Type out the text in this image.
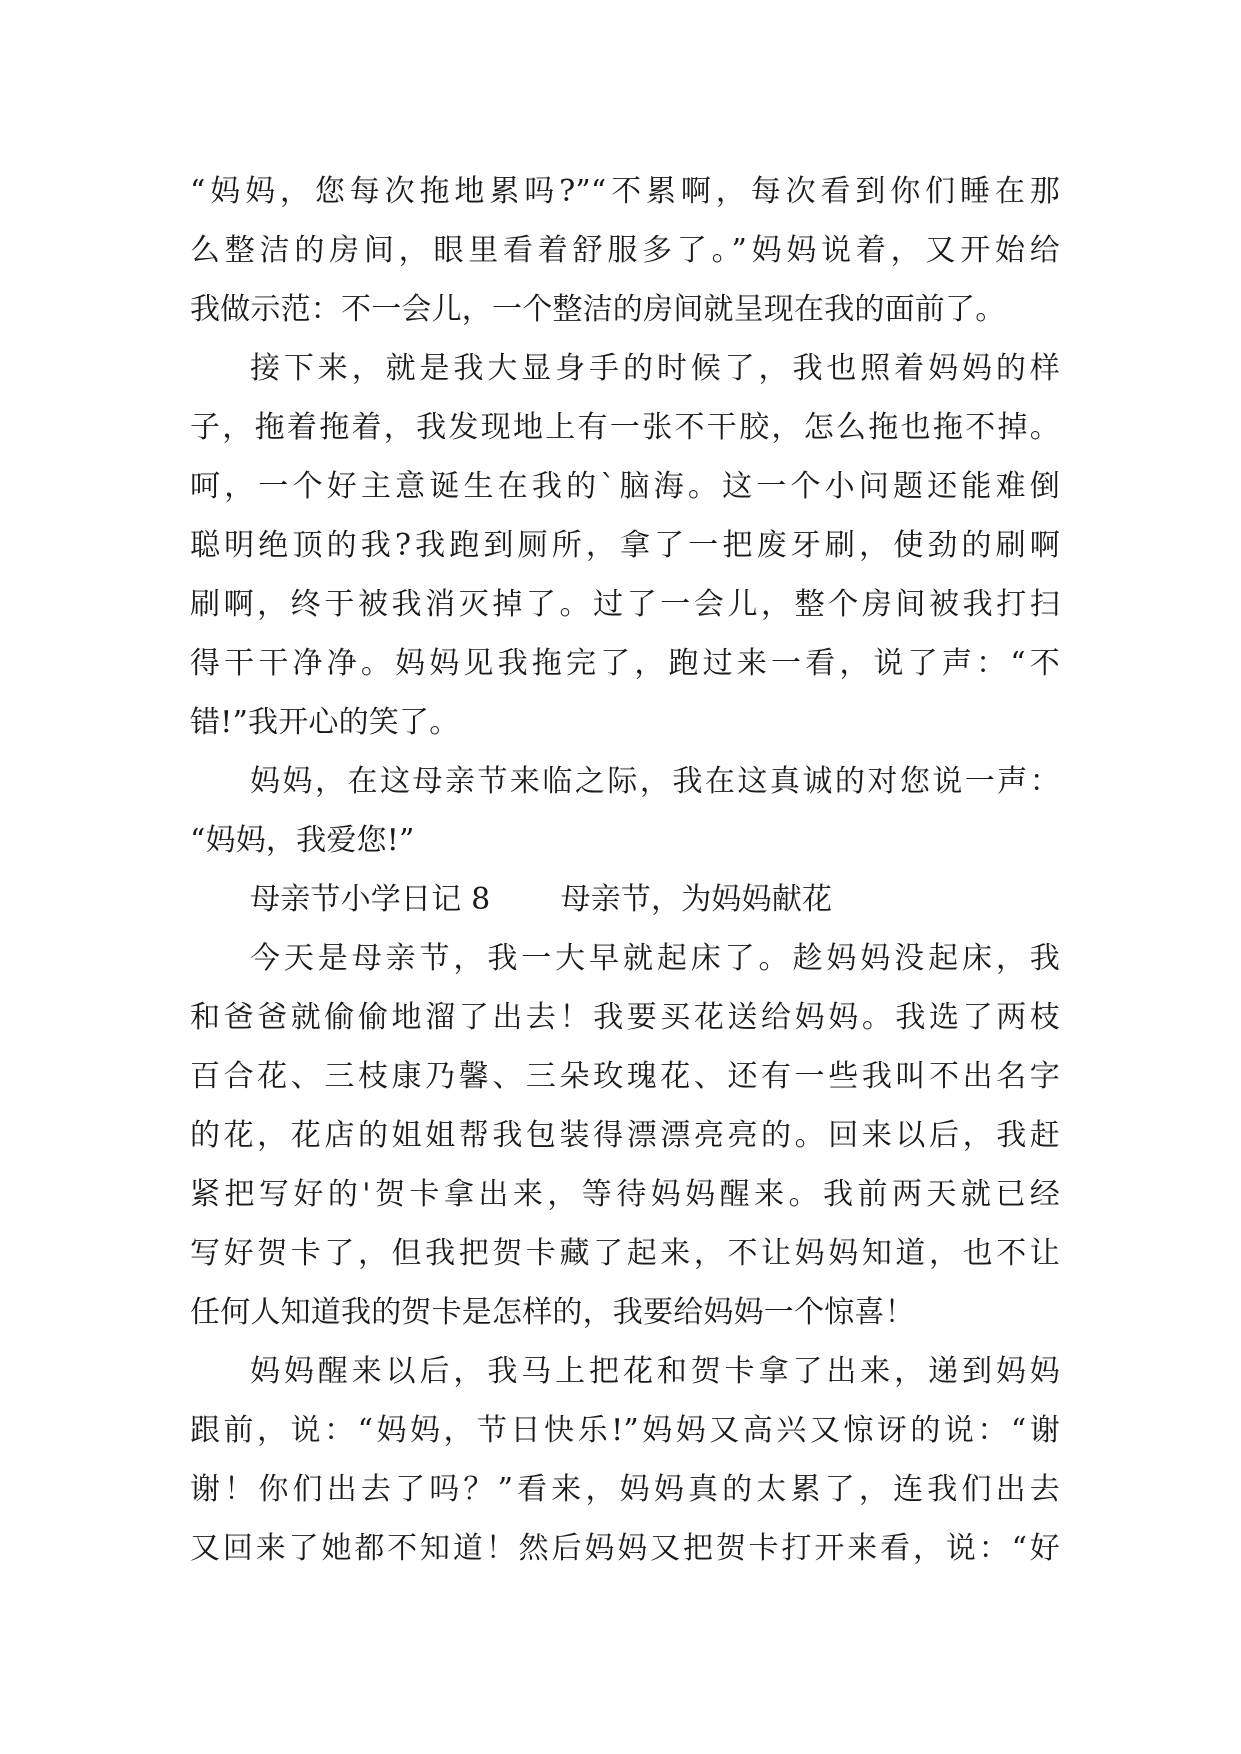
“妈妈，您每次拖地累吗?”“不累啊，每次看到你们睡在那
么整洁的房间，眼里看着舒服多了。”妈妈说着，又开始给
我做示范：不一会儿，一个整洁的房间就呈现在我的面前了。
接下来，就是我大显身手的时候了，我也照着妈妈的样
子，拖着拖着，我发现地上有一张不干胶，怎么拖也拖不掉。
呵，一个好主意诞生在我的`脑海。这一个小问题还能难倒
聪明绝顶的我?我跑到厕所，拿了一把废牙刷，使劲的刷啊
刷啊，终于被我消灭掉了。过了一会儿，整个房间被我打扫
得干干净净。妈妈见我拖完了，跑过来一看，说了声：“不
错!”我开心的笑了。
妈妈，在这母亲节来临之际，我在这真诚的对您说一声：
“妈妈，我爱您!”
母亲节小学日记 8 母亲节，为妈妈献花
今天是母亲节，我一大早就起床了。趁妈妈没起床，我
和爸爸就偷偷地溜了出去！我要买花送给妈妈。我选了两枝
百合花、三枝康乃馨、三朵玫瑰花、还有一些我叫不出名字
的花，花店的姐姐帮我包装得漂漂亮亮的。回来以后，我赶
紧把写好的'贺卡拿出来，等待妈妈醒来。我前两天就已经
写好贺卡了，但我把贺卡藏了起来，不让妈妈知道，也不让
任何人知道我的贺卡是怎样的，我要给妈妈一个惊喜！
妈妈醒来以后，我马上把花和贺卡拿了出来，递到妈妈
跟前，说：“妈妈，节日快乐!”妈妈又高兴又惊讶的说：“谢
谢！你们出去了吗？”看来，妈妈真的太累了，连我们出去
又回来了她都不知道！然后妈妈又把贺卡打开来看，说：“好
